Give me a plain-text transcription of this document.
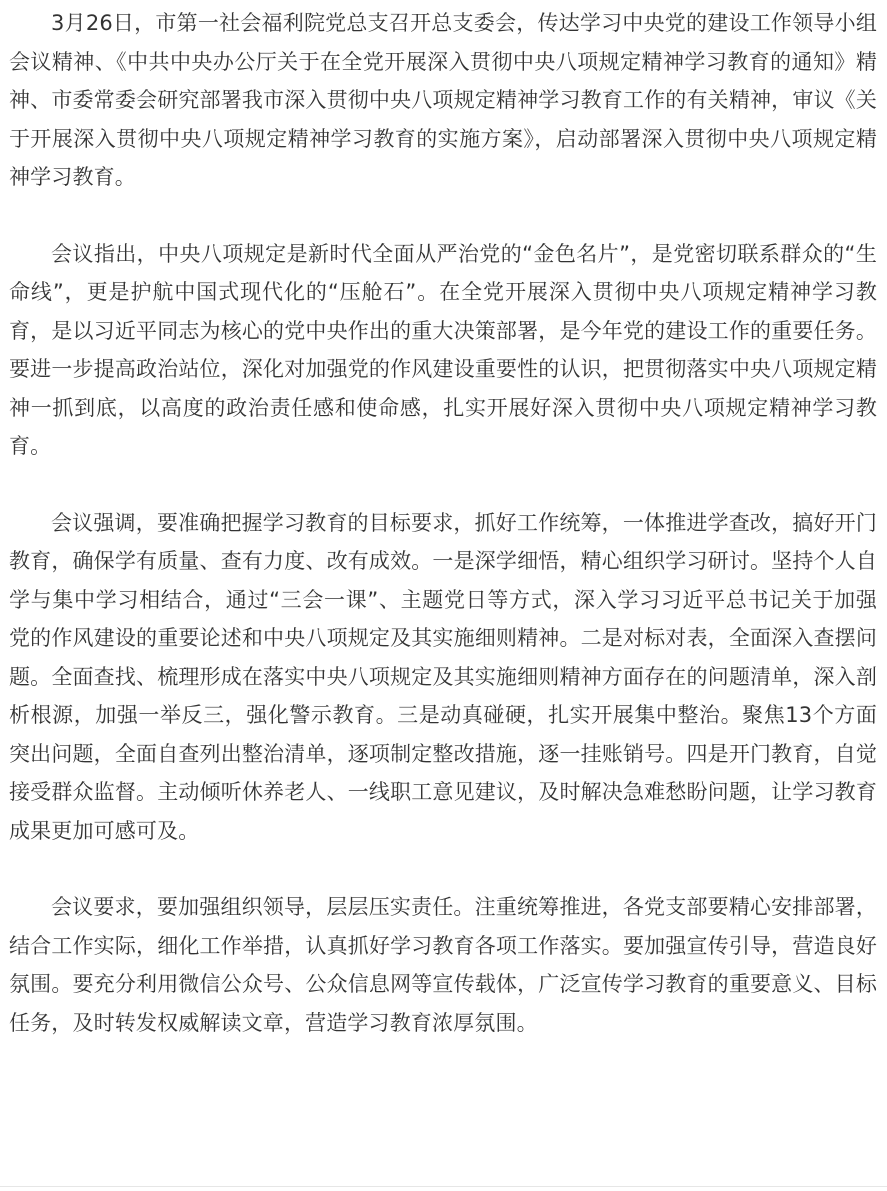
3月26日，市第一社会福利院党总支召开总支委会，传达学习中央党的建设工作领导小组会议精神、《中共中央办公厅关于在全党开展深入贯彻中央八项规定精神学习教育的通知》精神、市委常委会研究部署我市深入贯彻中央八项规定精神学习教育工作的有关精神，审议《关于开展深入贯彻中央八项规定精神学习教育的实施方案》，启动部署深入贯彻中央八项规定精神学习教育。

会议指出，中央八项规定是新时代全面从严治党的“金色名片”，是党密切联系群众的“生命线”，更是护航中国式现代化的“压舱石”。在全党开展深入贯彻中央八项规定精神学习教育，是以习近平同志为核心的党中央作出的重大决策部署，是今年党的建设工作的重要任务。要进一步提高政治站位，深化对加强党的作风建设重要性的认识，把贯彻落实中央八项规定精神一抓到底，以高度的政治责任感和使命感，扎实开展好深入贯彻中央八项规定精神学习教育。

会议强调，要准确把握学习教育的目标要求，抓好工作统筹，一体推进学查改，搞好开门教育，确保学有质量、查有力度、改有成效。一是深学细悟，精心组织学习研讨。坚持个人自学与集中学习相结合，通过“三会一课”、主题党日等方式，深入学习习近平总书记关于加强党的作风建设的重要论述和中央八项规定及其实施细则精神。二是对标对表，全面深入查摆问题。全面查找、梳理形成在落实中央八项规定及其实施细则精神方面存在的问题清单，深入剖析根源，加强一举反三，强化警示教育。三是动真碰硬，扎实开展集中整治。聚焦13个方面突出问题，全面自查列出整治清单，逐项制定整改措施，逐一挂账销号。四是开门教育，自觉接受群众监督。主动倾听休养老人、一线职工意见建议，及时解决急难愁盼问题，让学习教育成果更加可感可及。

会议要求，要加强组织领导，层层压实责任。注重统筹推进，各党支部要精心安排部署，结合工作实际，细化工作举措，认真抓好学习教育各项工作落实。要加强宣传引导，营造良好氛围。要充分利用微信公众号、公众信息网等宣传载体，广泛宣传学习教育的重要意义、目标任务，及时转发权威解读文章，营造学习教育浓厚氛围。
